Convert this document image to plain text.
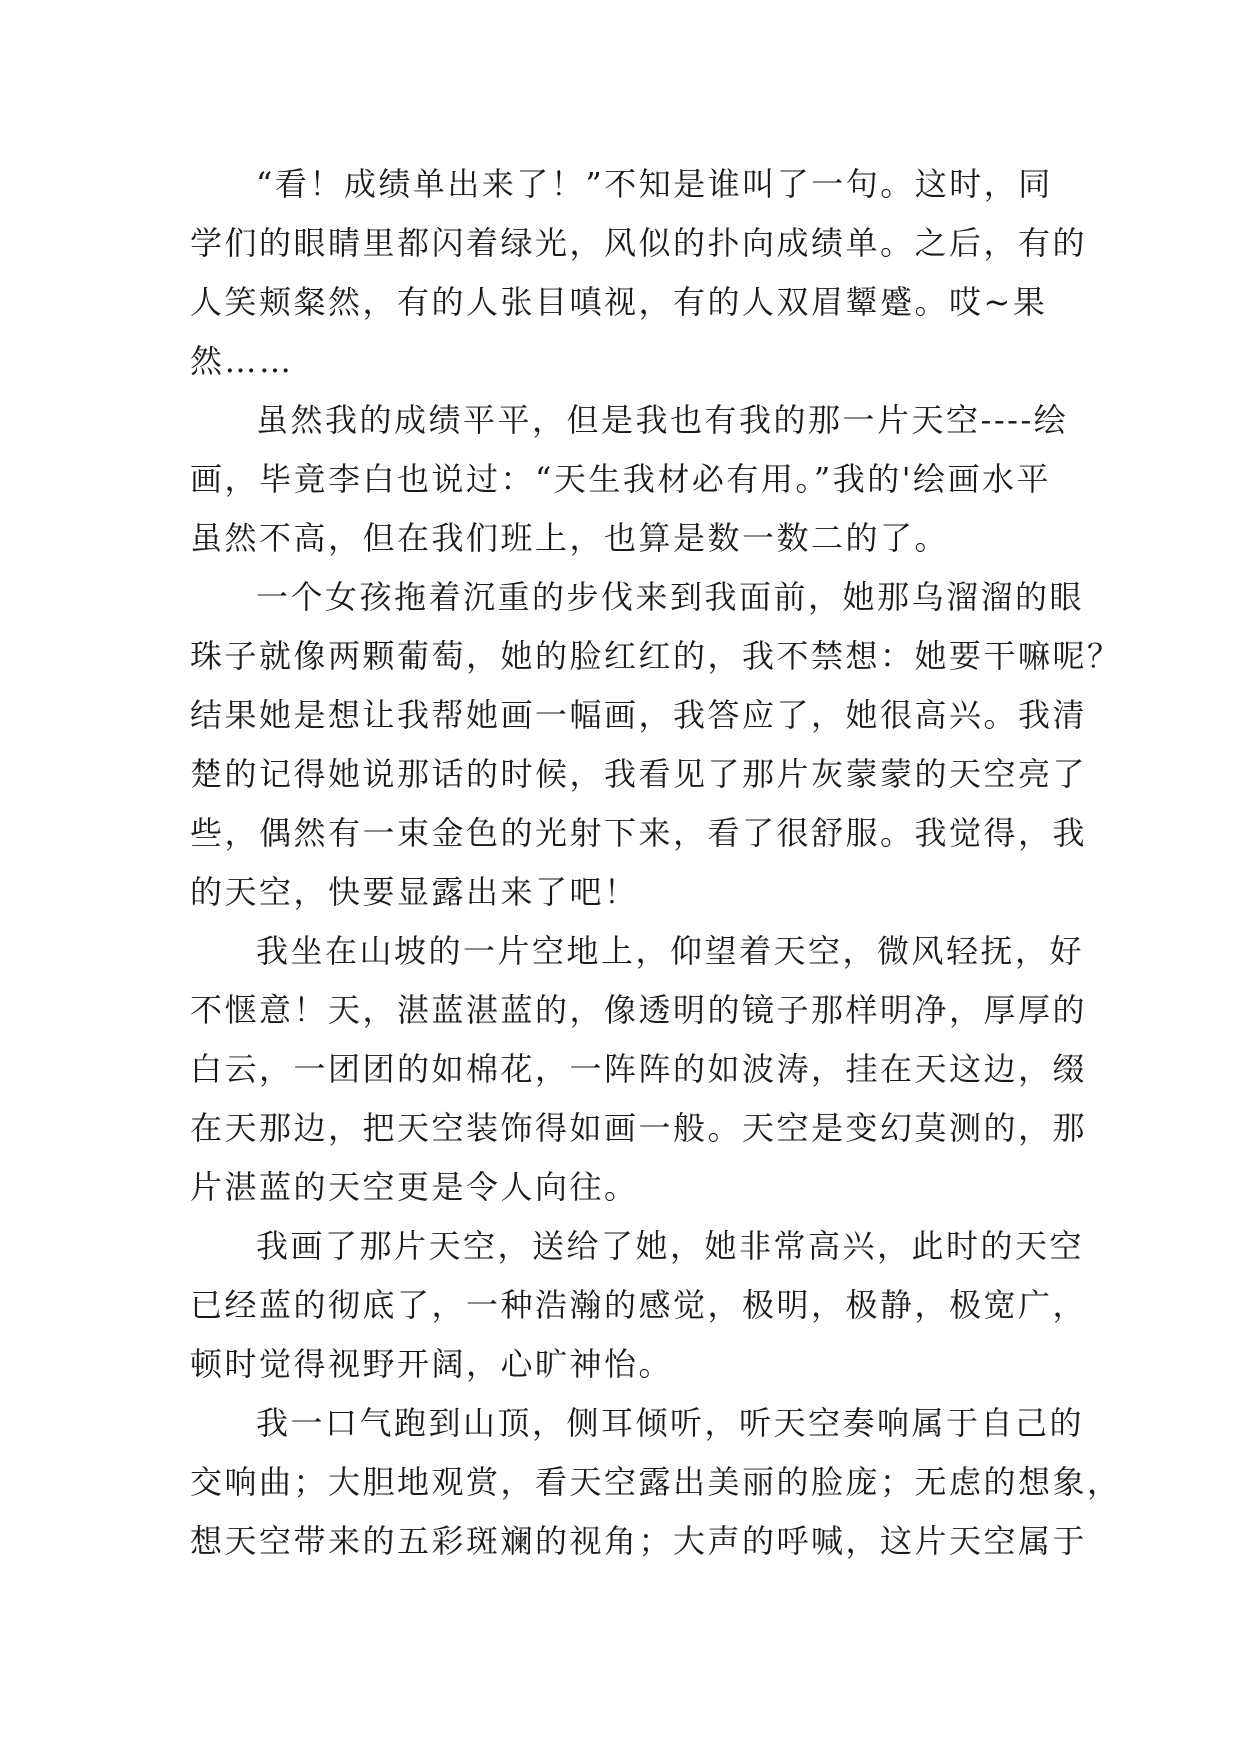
“看！成绩单出来了！”不知是谁叫了一句。这时，同
学们的眼睛里都闪着绿光，风似的扑向成绩单。之后，有的
人笑颊粲然，有的人张目嗔视，有的人双眉颦蹙。哎~果
然……
虽然我的成绩平平，但是我也有我的那一片天空----绘
画，毕竟李白也说过：“天生我材必有用。”我的'绘画水平
虽然不高，但在我们班上，也算是数一数二的了。
一个女孩拖着沉重的步伐来到我面前，她那乌溜溜的眼
珠子就像两颗葡萄，她的脸红红的，我不禁想：她要干嘛呢？
结果她是想让我帮她画一幅画，我答应了，她很高兴。我清
楚的记得她说那话的时候，我看见了那片灰蒙蒙的天空亮了
些，偶然有一束金色的光射下来，看了很舒服。我觉得，我
的天空，快要显露出来了吧！
我坐在山坡的一片空地上，仰望着天空，微风轻抚，好
不惬意！天，湛蓝湛蓝的，像透明的镜子那样明净，厚厚的
白云，一团团的如棉花，一阵阵的如波涛，挂在天这边，缀
在天那边，把天空装饰得如画一般。天空是变幻莫测的，那
片湛蓝的天空更是令人向往。
我画了那片天空，送给了她，她非常高兴，此时的天空
已经蓝的彻底了，一种浩瀚的感觉，极明，极静，极宽广，
顿时觉得视野开阔，心旷神怡。
我一口气跑到山顶，侧耳倾听，听天空奏响属于自己的
交响曲；大胆地观赏，看天空露出美丽的脸庞；无虑的想象，
想天空带来的五彩斑斓的视角；大声的呼喊，这片天空属于
